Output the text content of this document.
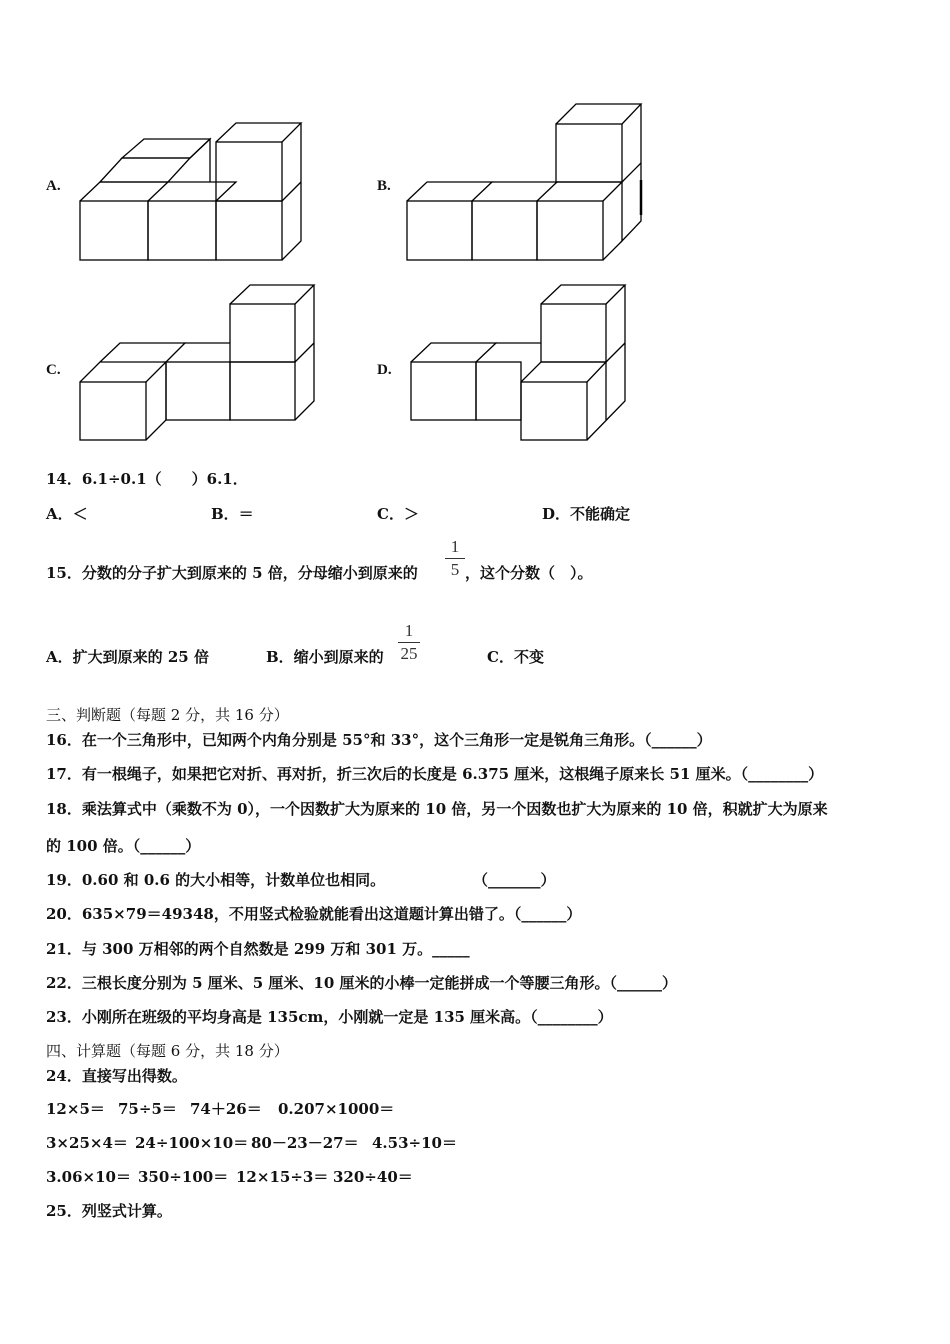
A.	B.
C.	D.
14．6.1÷0.1（　　）6.1．
A．＜	B．＝	C．＞	D．不能确定
15．分数的分子扩大到原来的 5 倍，分母缩小到原来的
1
5 ，这个分数（　）。
A．扩大到原来的 25 倍	B．缩小到原来的
1
25	C．不变
三、判断题（每题 2 分，共 16 分）
16．在一个三角形中，已知两个内角分别是 55°和 33°，这个三角形一定是锐角三角形。（______）
17．有一根绳子，如果把它对折、再对折，折三次后的长度是 6.375 厘米，这根绳子原来长 51 厘米。（________）
18．乘法算式中（乘数不为 0），一个因数扩大为原来的 10 倍，另一个因数也扩大为原来的 10 倍，积就扩大为原来
的 100 倍。（______）
19．0.60 和 0.6 的大小相等，计数单位也相同。	（_______）
20．635×79＝49348，不用竖式检验就能看出这道题计算出错了。（______）
21．与 300 万相邻的两个自然数是 299 万和 301 万。_____
22．三根长度分别为 5 厘米、5 厘米、10 厘米的小棒一定能拼成一个等腰三角形。（______）
23．小刚所在班级的平均身高是 135cm，小刚就一定是 135 厘米高。（________）
四、计算题（每题 6 分，共 18 分）
24．直接写出得数。
12×5＝ 75÷5＝ 74＋26＝ 0.207×1000＝
3×25×4＝ 24÷100×10＝ 80－23－27＝ 4.53÷10＝
3.06×10＝ 350÷100＝ 12×15÷3＝ 320÷40＝
25．列竖式计算。
